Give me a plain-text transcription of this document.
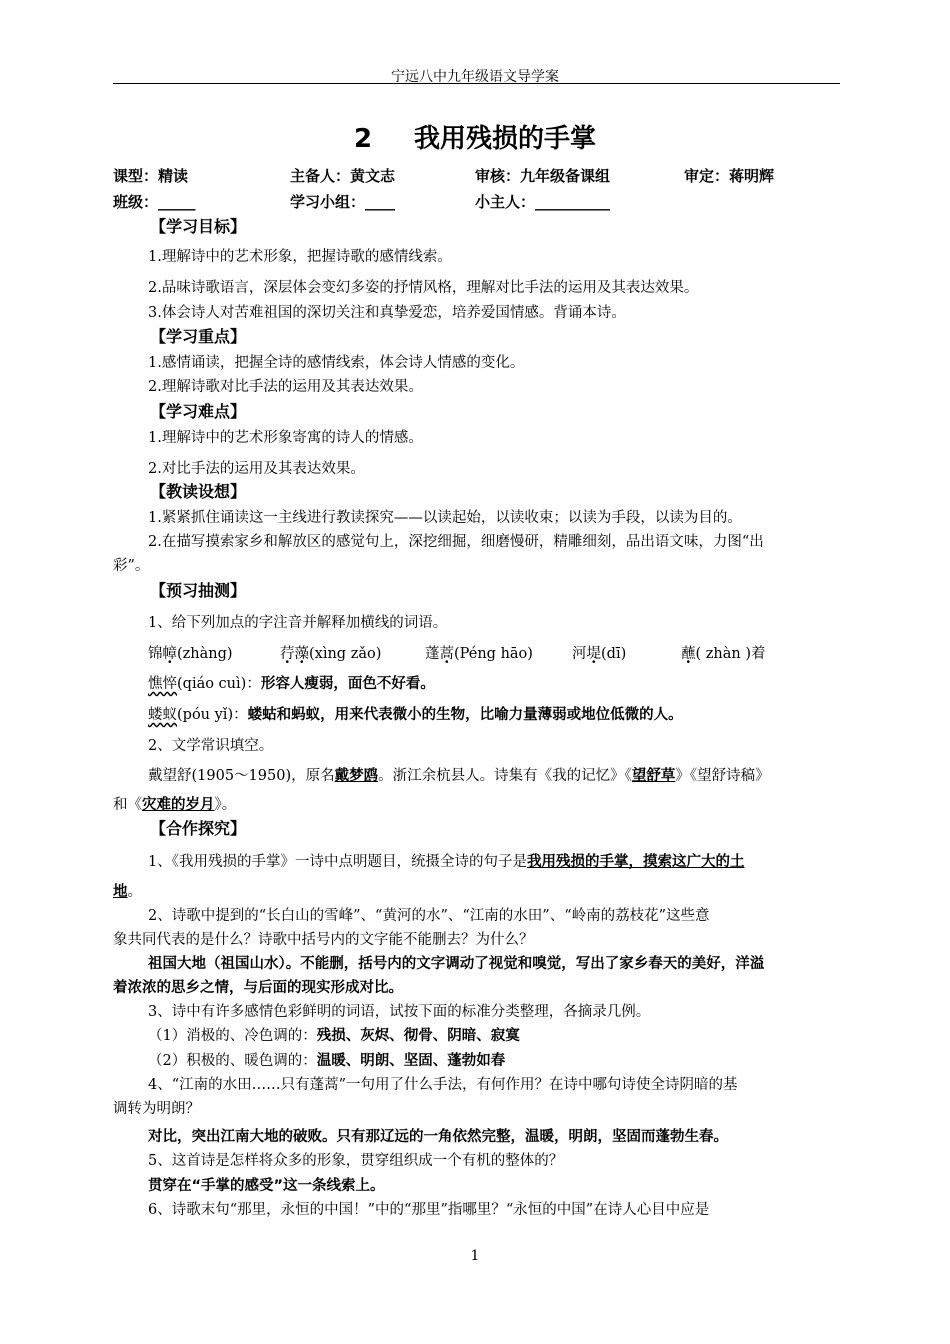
宁远八中九年级语文导学案
2 我用残损的手掌
课型：精读	主备人：黄文志	审核：九年级备课组	审定：蒋明辉
班级：_____	学习小组：____	小主人：__________
【学习目标】
1.理解诗中的艺术形象，把握诗歌的感情线索。
2.品味诗歌语言，深层体会变幻多姿的抒情风格，理解对比手法的运用及其表达效果。
3.体会诗人对苦难祖国的深切关注和真挚爱恋，培养爱国情感。背诵本诗。
【学习重点】
1.感情诵读，把握全诗的感情线索，体会诗人情感的变化。
2.理解诗歌对比手法的运用及其表达效果。
【学习难点】
1.理解诗中的艺术形象寄寓的诗人的情感。
2.对比手法的运用及其表达效果。
【教读设想】
1.紧紧抓住诵读这一主线进行教读探究——以读起始，以读收束；以读为手段，以读为目的。
2.在描写摸索家乡和解放区的感觉句上，深挖细掘，细磨慢研，精雕细刻，品出语文味，力图“出
彩”。
【预习抽测】
1、给下列加点的字注音并解释加横线的词语。
锦幛(zhàng)	荇藻(xìng zǎo)	蓬蒿(Péng hāo)	河堤(dī)	蘸( zhàn )着
憔悴(qiáo cuì)：形容人瘦弱，面色不好看。
蝼蚁(póu yǐ)：蝼蛄和蚂蚁，用来代表微小的生物，比喻力量薄弱或地位低微的人。
2、文学常识填空。
戴望舒(1905～1950)，原名戴梦鸥。浙江余杭县人。诗集有《我的记忆》《望舒草》《望舒诗稿》
和《灾难的岁月》。
【合作探究】
1、《我用残损的手掌》一诗中点明题目，统摄全诗的句子是我用残损的手掌，摸索这广大的土
地。
2、诗歌中提到的“长白山的雪峰”、“黄河的水”、“江南的水田”、“岭南的荔枝花”这些意
象共同代表的是什么？诗歌中括号内的文字能不能删去？为什么？
祖国大地（祖国山水）。不能删，括号内的文字调动了视觉和嗅觉，写出了家乡春天的美好，洋溢
着浓浓的思乡之情，与后面的现实形成对比。
3、诗中有许多感情色彩鲜明的词语，试按下面的标准分类整理，各摘录几例。
（1）消极的、冷色调的：残损、灰烬、彻骨、阴暗、寂寞
（2）积极的、暖色调的：温暖、明朗、坚固、蓬勃如春
4、“江南的水田……只有蓬蒿”一句用了什么手法，有何作用？在诗中哪句诗使全诗阴暗的基
调转为明朗？
对比，突出江南大地的破败。只有那辽远的一角依然完整，温暖，明朗，坚固而蓬勃生春。
5、这首诗是怎样将众多的形象，贯穿组织成一个有机的整体的？
贯穿在“手掌的感受”这一条线索上。
6、诗歌末句“那里，永恒的中国！”中的“那里”指哪里？“永恒的中国”在诗人心目中应是
1
